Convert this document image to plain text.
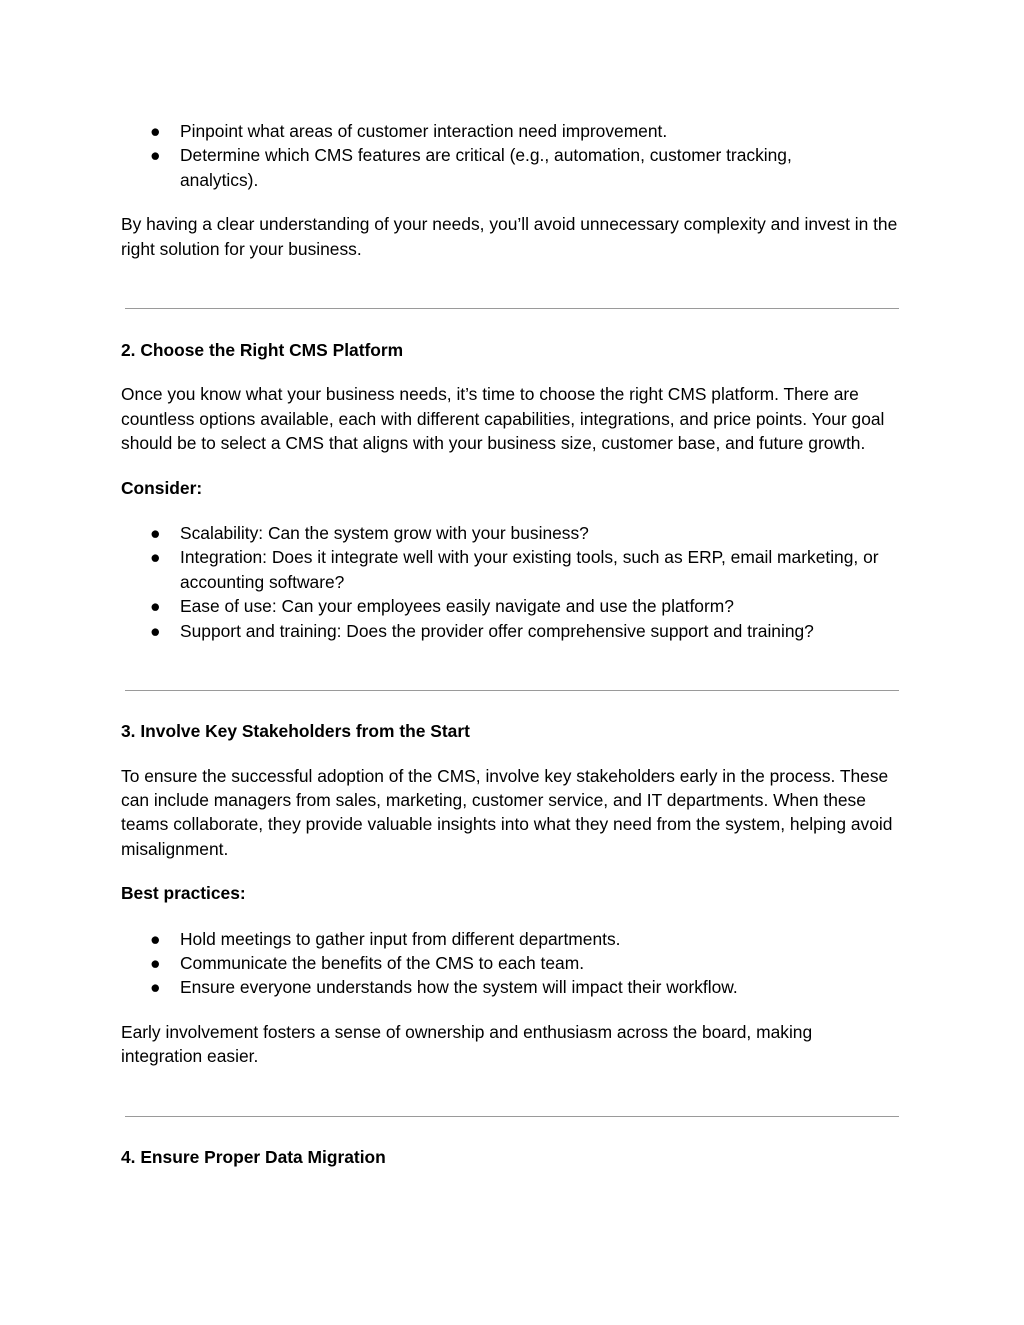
● Pinpoint what areas of customer interaction need improvement.
● Determine which CMS features are critical (e.g., automation, customer tracking, analytics).

By having a clear understanding of your needs, you’ll avoid unnecessary complexity and invest in the right solution for your business.

2. Choose the Right CMS Platform

Once you know what your business needs, it’s time to choose the right CMS platform. There are countless options available, each with different capabilities, integrations, and price points. Your goal should be to select a CMS that aligns with your business size, customer base, and future growth.

Consider:

● Scalability: Can the system grow with your business?
● Integration: Does it integrate well with your existing tools, such as ERP, email marketing, or accounting software?
● Ease of use: Can your employees easily navigate and use the platform?
● Support and training: Does the provider offer comprehensive support and training?

3. Involve Key Stakeholders from the Start

To ensure the successful adoption of the CMS, involve key stakeholders early in the process. These can include managers from sales, marketing, customer service, and IT departments. When these teams collaborate, they provide valuable insights into what they need from the system, helping avoid misalignment.

Best practices:

● Hold meetings to gather input from different departments.
● Communicate the benefits of the CMS to each team.
● Ensure everyone understands how the system will impact their workflow.

Early involvement fosters a sense of ownership and enthusiasm across the board, making integration easier.

4. Ensure Proper Data Migration
